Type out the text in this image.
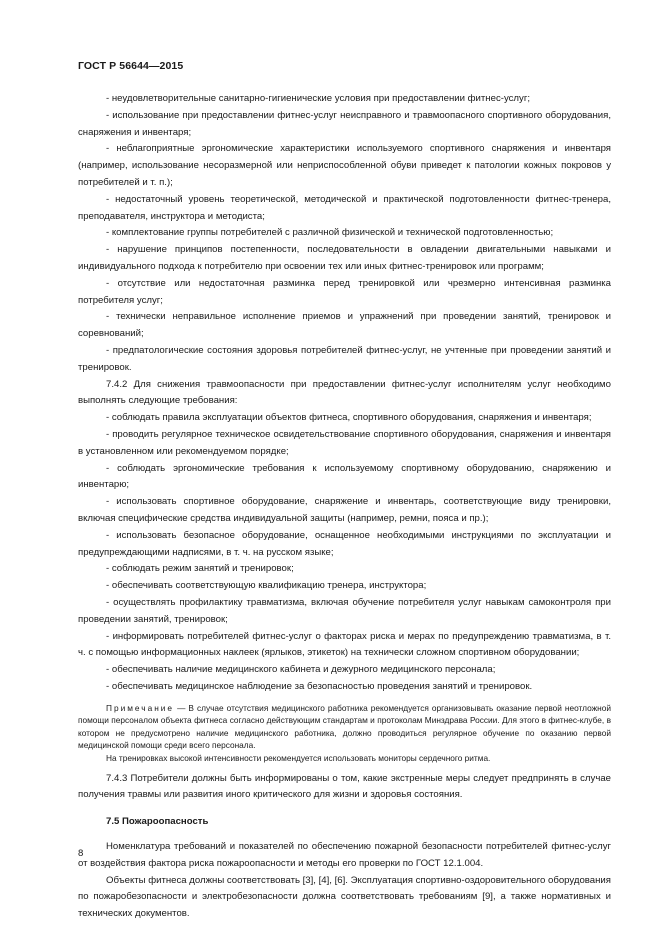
ГОСТ Р 56644—2015

- неудовлетворительные санитарно-гигиенические условия при предоставлении фитнес-услуг;

- использование при предоставлении фитнес-услуг неисправного и травмоопасного спортивного оборудования, снаряжения и инвентаря;

- неблагоприятные эргономические характеристики используемого спортивного снаряжения и инвентаря (например, использование несоразмерной или неприспособленной обуви приведет к патологии кожных покровов у потребителей и т. п.);

- недостаточный уровень теоретической, методической и практической подготовленности фитнес-тренера, преподавателя, инструктора и методиста;

- комплектование группы потребителей с различной физической и технической подготовленностью;

- нарушение принципов постепенности, последовательности в овладении двигательными навыками и индивидуального подхода к потребителю при освоении тех или иных фитнес-тренировок или программ;

- отсутствие или недостаточная разминка перед тренировкой или чрезмерно интенсивная разминка потребителя услуг;

- технически неправильное исполнение приемов и упражнений при проведении занятий, тренировок и соревнований;

- предпатологические состояния здоровья потребителей фитнес-услуг, не учтенные при проведении занятий и тренировок.

7.4.2 Для снижения травмоопасности при предоставлении фитнес-услуг исполнителям услуг необходимо выполнять следующие требования:

- соблюдать правила эксплуатации объектов фитнеса, спортивного оборудования, снаряжения и инвентаря;

- проводить регулярное техническое освидетельствование спортивного оборудования, снаряжения и инвентаря в установленном или рекомендуемом порядке;

- соблюдать эргономические требования к используемому спортивному оборудованию, снаряжению и инвентарю;

- использовать спортивное оборудование, снаряжение и инвентарь, соответствующие виду тренировки, включая специфические средства индивидуальной защиты (например, ремни, пояса и пр.);

- использовать безопасное оборудование, оснащенное необходимыми инструкциями по эксплуатации и предупреждающими надписями, в т. ч. на русском языке;

- соблюдать режим занятий и тренировок;

- обеспечивать соответствующую квалификацию тренера, инструктора;

- осуществлять профилактику травматизма, включая обучение потребителя услуг навыкам самоконтроля при проведении занятий, тренировок;

- информировать потребителей фитнес-услуг о факторах риска и мерах по предупреждению травматизма, в т. ч. с помощью информационных наклеек (ярлыков, этикеток) на технически сложном спортивном оборудовании;

- обеспечивать наличие медицинского кабинета и дежурного медицинского персонала;

- обеспечивать медицинское наблюдение за безопасностью проведения занятий и тренировок.

Примечание — В случае отсутствия медицинского работника рекомендуется организовывать оказание первой неотложной помощи персоналом объекта фитнеса согласно действующим стандартам и протоколам Минздрава России. Для этого в фитнес-клубе, в котором не предусмотрено наличие медицинского работника, должно проводиться регулярное обучение по оказанию первой медицинской помощи среди всего персонала.

На тренировках высокой интенсивности рекомендуется использовать мониторы сердечного ритма.

7.4.3 Потребители должны быть информированы о том, какие экстренные меры следует предпринять в случае получения травмы или развития иного критического для жизни и здоровья состояния.

7.5 Пожароопасность

Номенклатура требований и показателей по обеспечению пожарной безопасности потребителей фитнес-услуг от воздействия фактора риска пожароопасности и методы его проверки по ГОСТ 12.1.004.

Объекты фитнеса должны соответствовать [3], [4], [6]. Эксплуатация спортивно-оздоровительного оборудования по пожаробезопасности и электробезопасности должна соответствовать требованиям [9], а также нормативных и технических документов.

8
